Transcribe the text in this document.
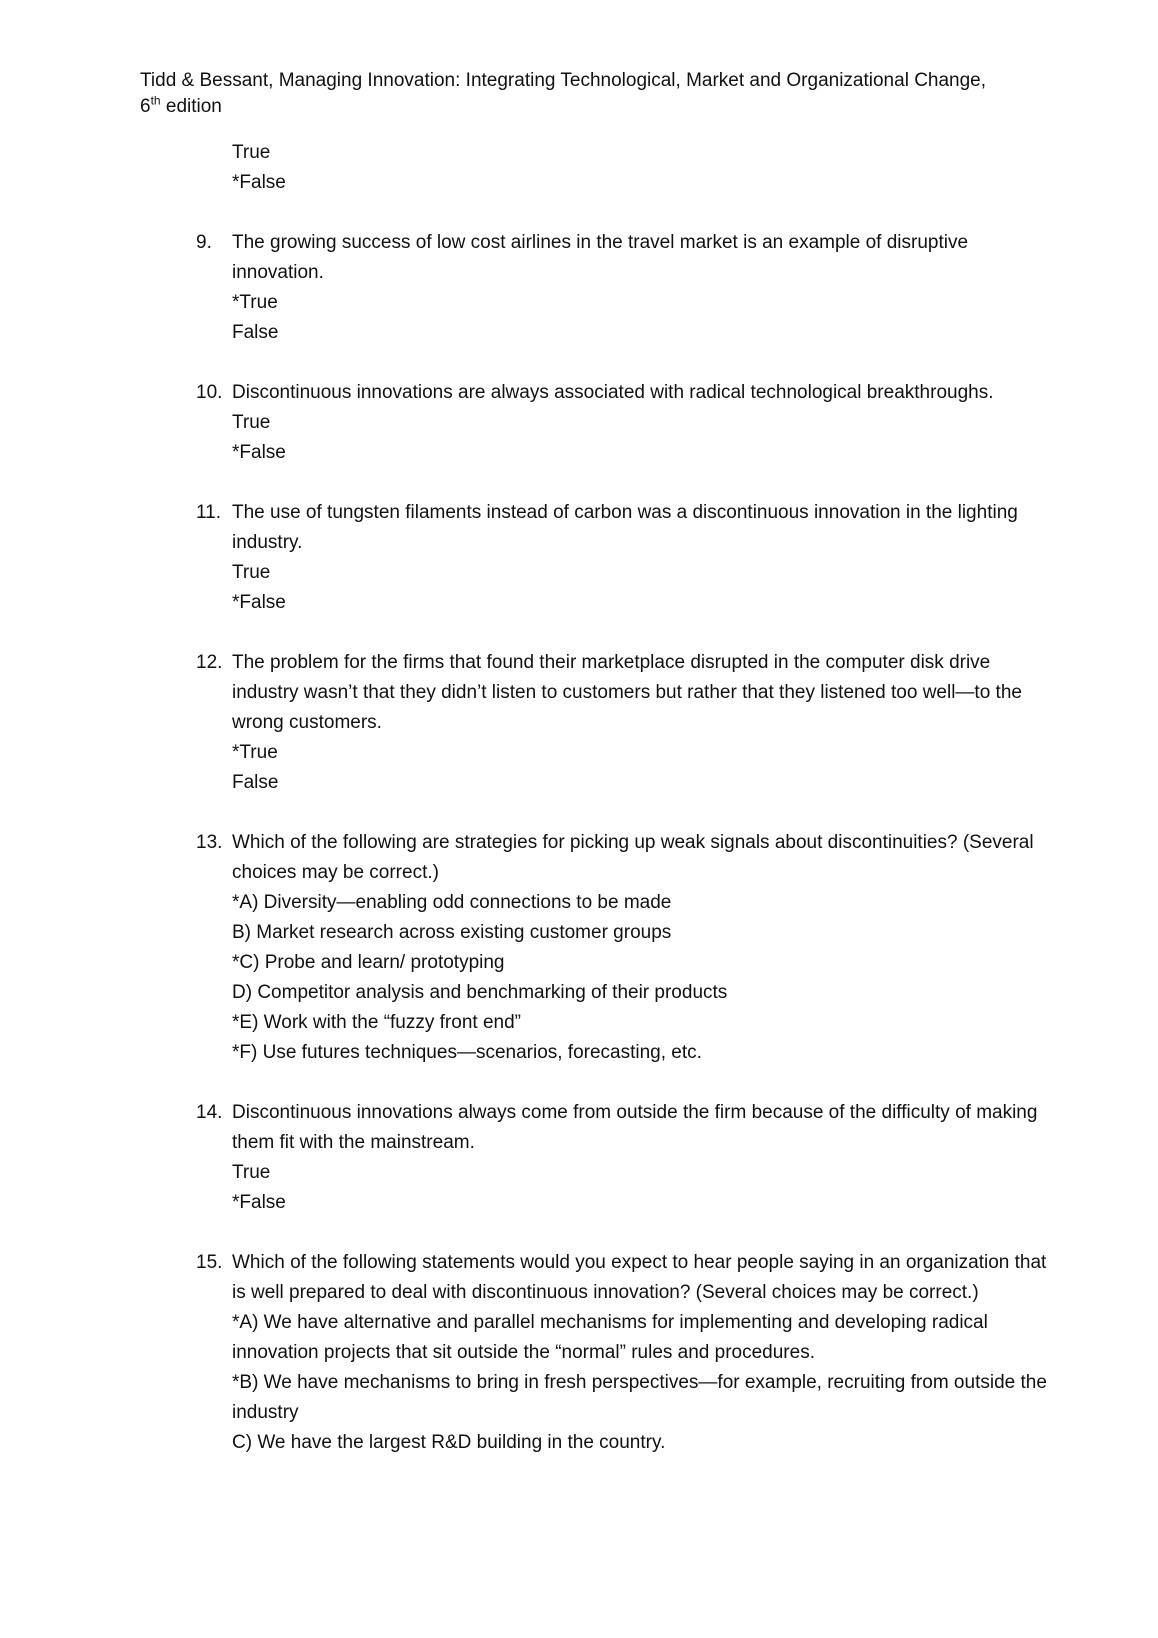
Tidd & Bessant, Managing Innovation: Integrating Technological, Market and Organizational Change,
6th edition
True
*False
9. The growing success of low cost airlines in the travel market is an example of disruptive innovation.
*True
False
10. Discontinuous innovations are always associated with radical technological breakthroughs.
True
*False
11. The use of tungsten filaments instead of carbon was a discontinuous innovation in the lighting industry.
True
*False
12. The problem for the firms that found their marketplace disrupted in the computer disk drive industry wasn’t that they didn’t listen to customers but rather that they listened too well—to the wrong customers.
*True
False
13. Which of the following are strategies for picking up weak signals about discontinuities? (Several choices may be correct.)
*A) Diversity—enabling odd connections to be made
B) Market research across existing customer groups
*C) Probe and learn/ prototyping
D) Competitor analysis and benchmarking of their products
*E) Work with the “fuzzy front end”
*F) Use futures techniques—scenarios, forecasting, etc.
14. Discontinuous innovations always come from outside the firm because of the difficulty of making them fit with the mainstream.
True
*False
15. Which of the following statements would you expect to hear people saying in an organization that is well prepared to deal with discontinuous innovation? (Several choices may be correct.)
*A) We have alternative and parallel mechanisms for implementing and developing radical innovation projects that sit outside the “normal” rules and procedures.
*B) We have mechanisms to bring in fresh perspectives—for example, recruiting from outside the industry
C) We have the largest R&D building in the country.
